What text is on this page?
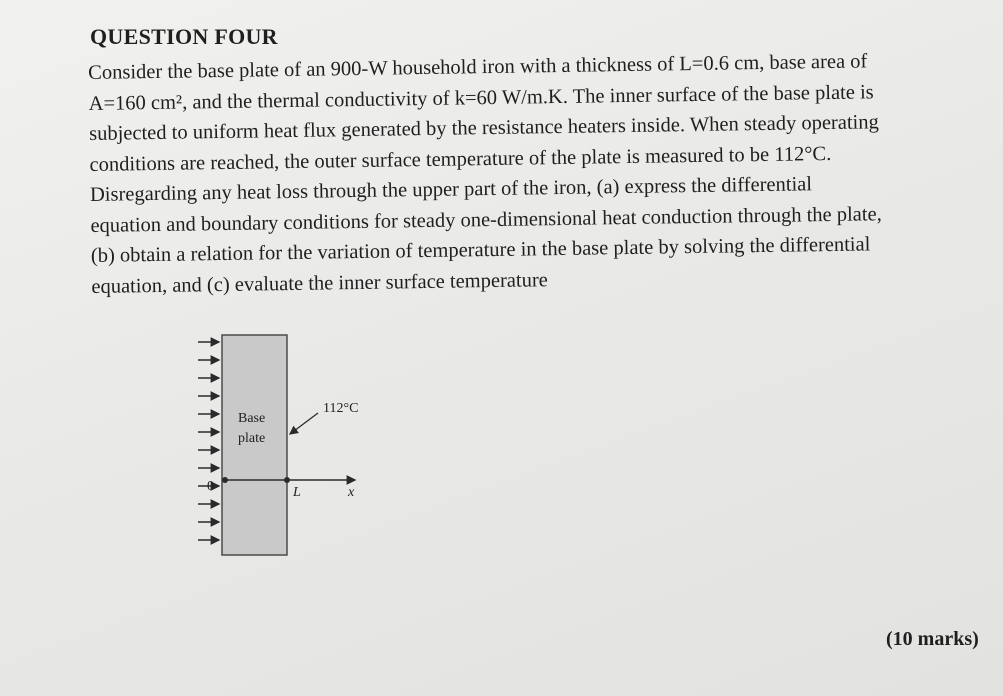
QUESTION FOUR
Consider the base plate of an 900-W household iron with a thickness of L=0.6 cm, base area of
A=160 cm², and the thermal conductivity of k=60 W/m.K. The inner surface of the base plate is
subjected to uniform heat flux generated by the resistance heaters inside. When steady operating
conditions are reached, the outer surface temperature of the plate is measured to be 112°C.
Disregarding any heat loss through the upper part of the iron, (a) express the differential
equation and boundary conditions for steady one-dimensional heat conduction through the plate,
(b) obtain a relation for the variation of temperature in the base plate by solving the differential
equation, and (c) evaluate the inner surface temperature
Base
plate
112°C
0	L	x
(10 marks)
